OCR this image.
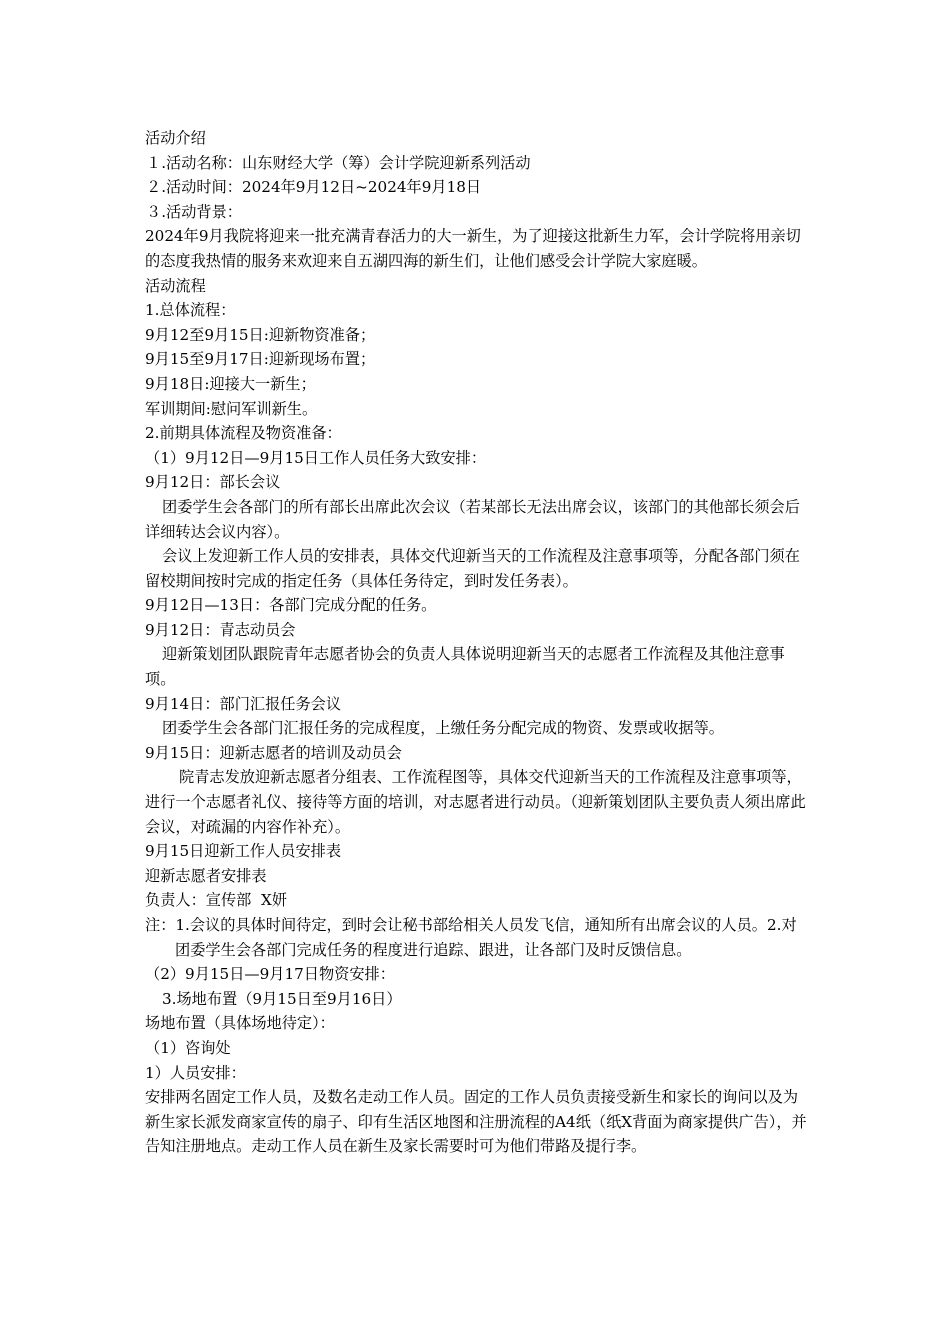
活动介绍

１.活动名称：山东财经大学（筹）会计学院迎新系列活动

２.活动时间：2024年9月12日~2024年9月18日

３.活动背景：

2024年9月我院将迎来一批充满青春活力的大一新生，为了迎接这批新生力军，会计学院将用亲切的态度我热情的服务来欢迎来自五湖四海的新生们，让他们感受会计学院大家庭暖。

活动流程

1.总体流程：

9月12至9月15日:迎新物资准备；

9月15至9月17日:迎新现场布置；

9月18日:迎接大一新生；

军训期间:慰问军训新生。

2.前期具体流程及物资准备：

（1）9月12日—9月15日工作人员任务大致安排：

9月12日：部长会议

团委学生会各部门的所有部长出席此次会议（若某部长无法出席会议，该部门的其他部长须会后详细转达会议内容）。

会议上发迎新工作人员的安排表，具体交代迎新当天的工作流程及注意事项等，分配各部门须在留校期间按时完成的指定任务（具体任务待定，到时发任务表）。

9月12日—13日：各部门完成分配的任务。

9月12日：青志动员会

迎新策划团队跟院青年志愿者协会的负责人具体说明迎新当天的志愿者工作流程及其他注意事项。

9月14日：部门汇报任务会议

团委学生会各部门汇报任务的完成程度，上缴任务分配完成的物资、发票或收据等。

9月15日：迎新志愿者的培训及动员会

院青志发放迎新志愿者分组表、工作流程图等，具体交代迎新当天的工作流程及注意事项等，进行一个志愿者礼仪、接待等方面的培训，对志愿者进行动员。（迎新策划团队主要负责人须出席此会议，对疏漏的内容作补充）。

9月15日迎新工作人员安排表

迎新志愿者安排表

负责人：宣传部  X妍

注：1.会议的具体时间待定，到时会让秘书部给相关人员发飞信，通知所有出席会议的人员。2.对团委学生会各部门完成任务的程度进行追踪、跟进，让各部门及时反馈信息。

（2）9月15日—9月17日物资安排：

3.场地布置（9月15日至9月16日）

场地布置（具体场地待定）：

（1）咨询处

1）人员安排：

安排两名固定工作人员，及数名走动工作人员。固定的工作人员负责接受新生和家长的询问以及为新生家长派发商家宣传的扇子、印有生活区地图和注册流程的A4纸（纸X背面为商家提供广告），并告知注册地点。走动工作人员在新生及家长需要时可为他们带路及提行李。
